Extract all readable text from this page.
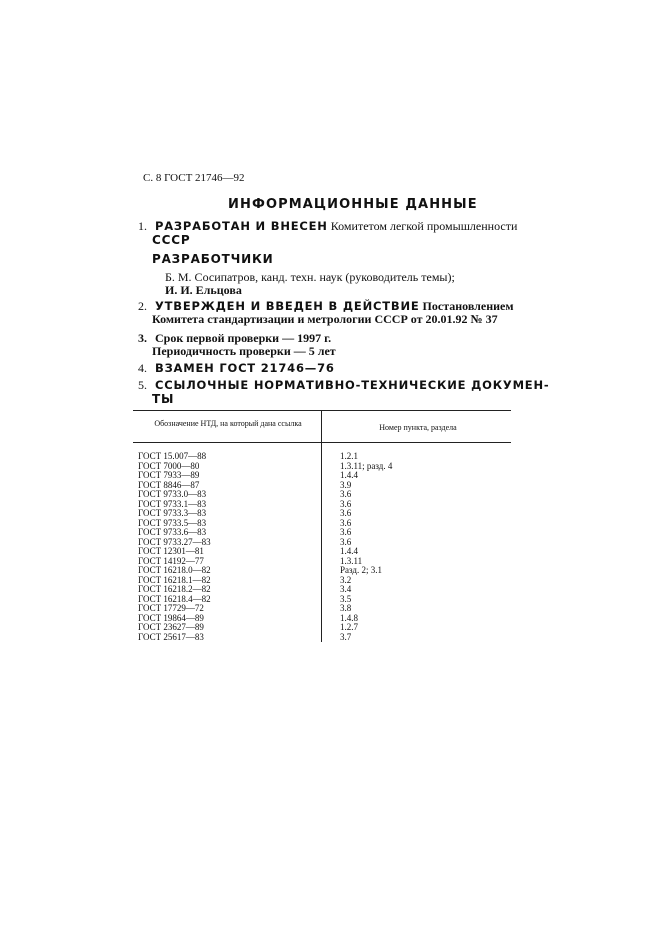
С. 8 ГОСТ 21746—92
ИНФОРМАЦИОННЫЕ ДАННЫЕ
1. РАЗРАБОТАН И ВНЕСЕН Комитетом легкой промышленности
СССР
РАЗРАБОТЧИКИ
Б. М. Сосипатров, канд. техн. наук (руководитель темы);
И. И. Ельцова
2. УТВЕРЖДЕН И ВВЕДЕН В ДЕЙСТВИЕ Постановлением
Комитета стандартизации и метрологии СССР от 20.01.92 № 37
3. Срок первой проверки — 1997 г.
Периодичность проверки — 5 лет
4. ВЗАМЕН ГОСТ 21746—76
5. ССЫЛОЧНЫЕ НОРМАТИВНО-ТЕХНИЧЕСКИЕ ДОКУМЕН-
ТЫ
Обозначение НТД, на который дана ссылка	Номер пункта, раздела
ГОСТ 15.007—88	1.2.1
ГОСТ 7000—80	1.3.11; разд. 4
ГОСТ 7933—89	1.4.4
ГОСТ 8846—87	3.9
ГОСТ 9733.0—83	3.6
ГОСТ 9733.1—83	3.6
ГОСТ 9733.3—83	3.6
ГОСТ 9733.5—83	3.6
ГОСТ 9733.6—83	3.6
ГОСТ 9733.27—83	3.6
ГОСТ 12301—81	1.4.4
ГОСТ 14192—77	1.3.11
ГОСТ 16218.0—82	Разд. 2; 3.1
ГОСТ 16218.1—82	3.2
ГОСТ 16218.2—82	3.4
ГОСТ 16218.4—82	3.5
ГОСТ 17729—72	3.8
ГОСТ 19864—89	1.4.8
ГОСТ 23627—89	1.2.7
ГОСТ 25617—83	3.7
